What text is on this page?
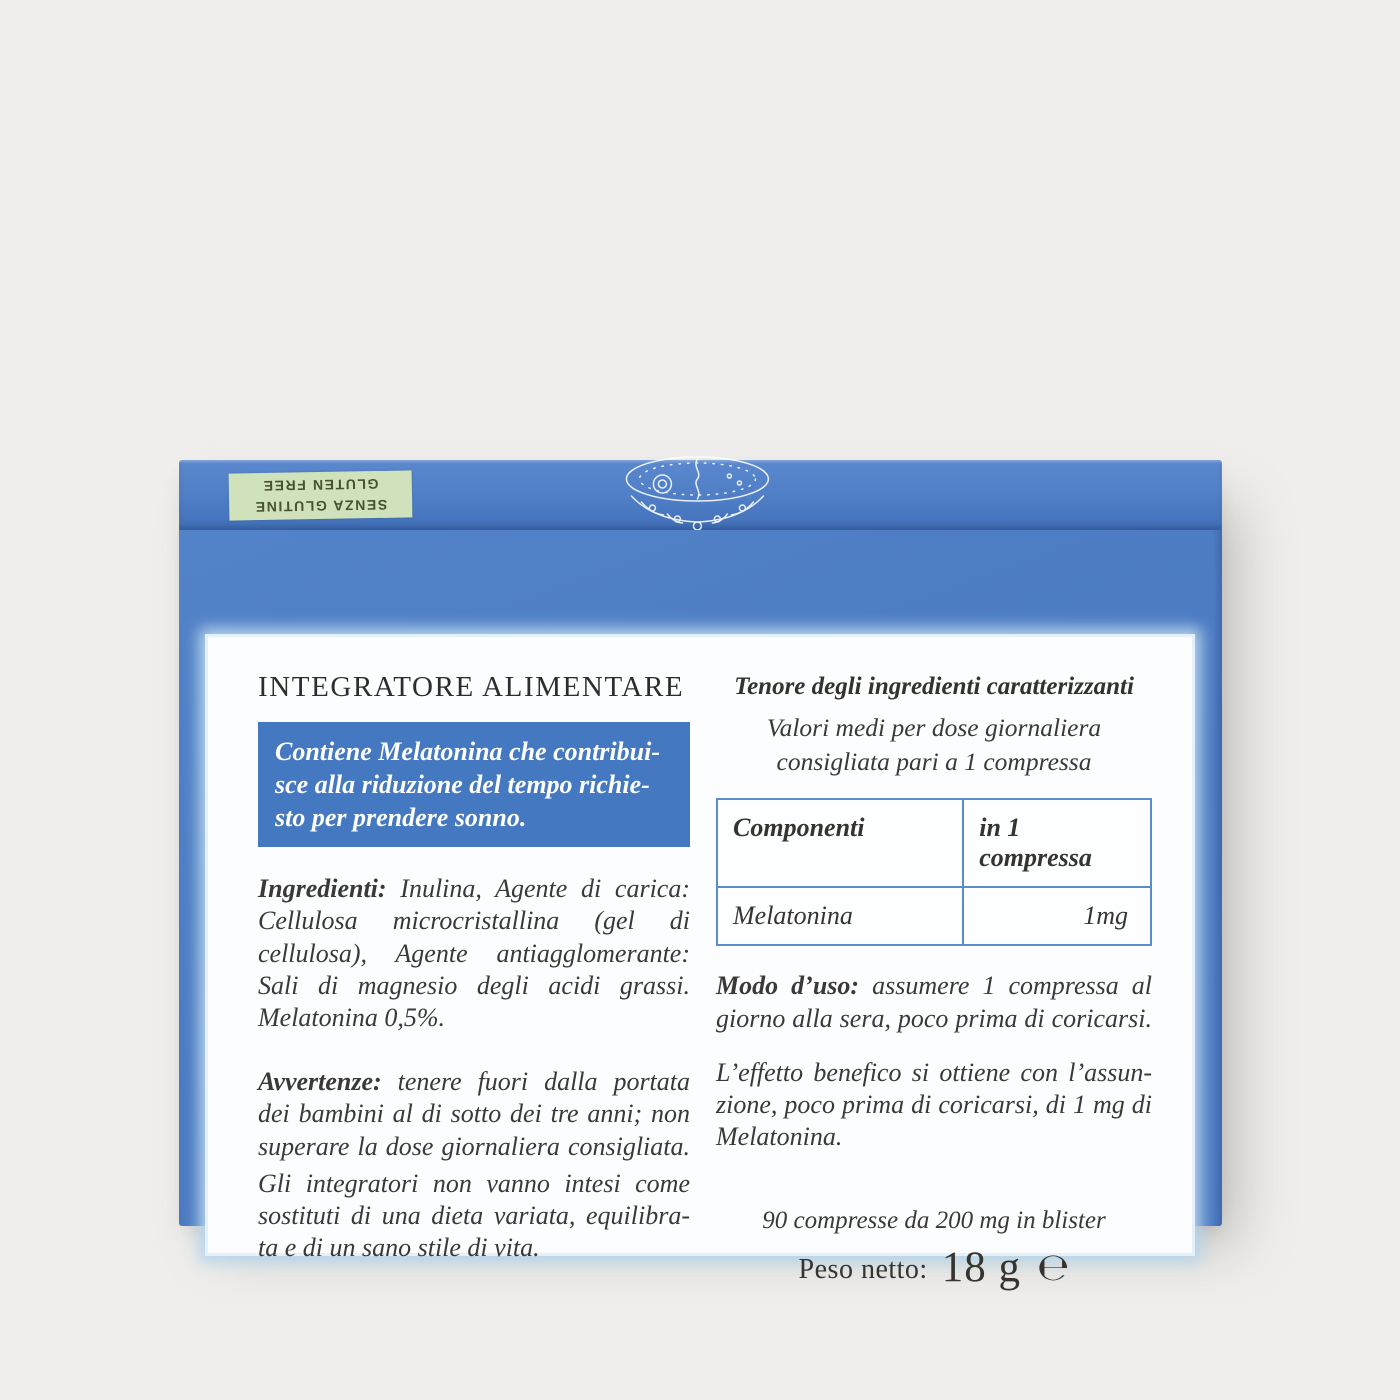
SENZA GLUTINE
GLUTEN FREE
INTEGRATORE ALIMENTARE
Contiene Melatonina che contribui-
sce alla riduzione del tempo richie-
sto per prendere sonno.
Ingredienti: Inulina, Agente di carica:
Cellulosa microcristallina (gel di
cellulosa), Agente antiagglomerante:
Sali di magnesio degli acidi grassi.
Melatonina 0,5%.
Avvertenze: tenere fuori dalla portata
dei bambini al di sotto dei tre anni; non
superare la dose giornaliera consigliata.
Gli integratori non vanno intesi come
sostituti di una dieta variata, equilibra-
ta e di un sano stile di vita.
Tenore degli ingredienti caratterizzanti
Valori medi per dose giornaliera
consigliata pari a 1 compressa
Componenti	in 1 compressa
Melatonina	1mg
Modo d’uso: assumere 1 compressa al
giorno alla sera, poco prima di coricarsi.
L’effetto benefico si ottiene con l’assun-
zione, poco prima di coricarsi, di 1 mg di
Melatonina.
90 compresse da 200 mg in blister
Peso netto: 18 g ℮
